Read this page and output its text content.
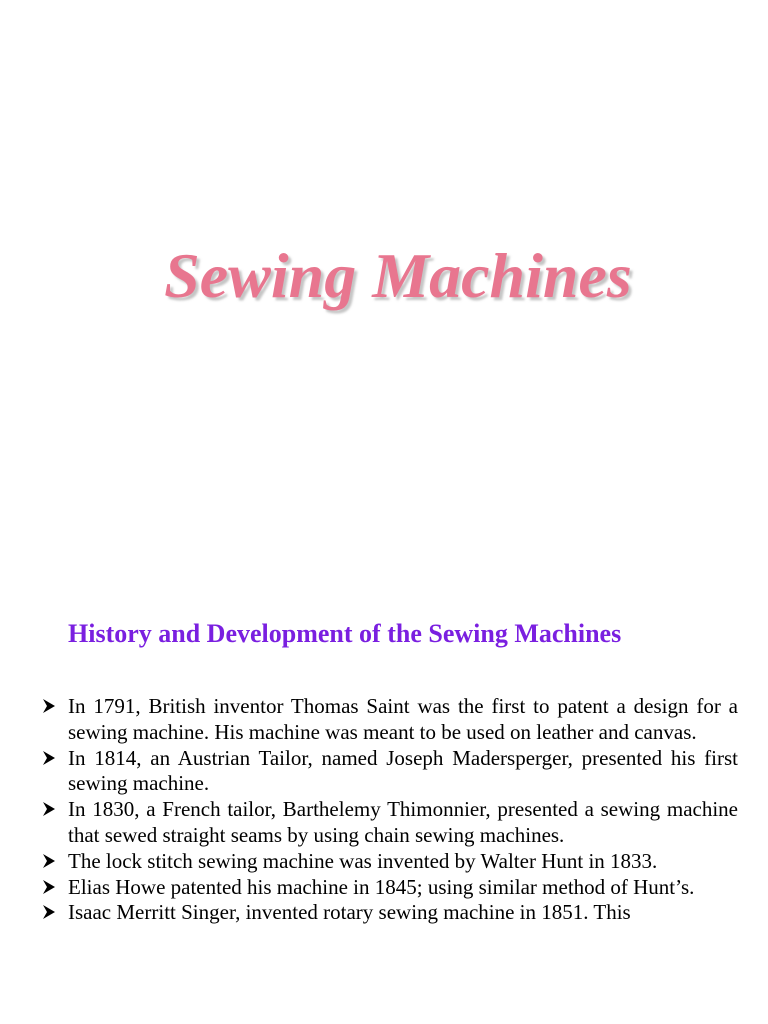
Sewing Machines
History and Development of the Sewing Machines
In 1791, British inventor Thomas Saint was the first to patent a design for a sewing machine. His machine was meant to be used on leather and canvas.
In 1814, an Austrian Tailor, named Joseph Madersperger, presented his first sewing machine.
In 1830, a French tailor, Barthelemy Thimonnier, presented a sewing machine that sewed straight seams by using chain sewing machines.
The lock stitch sewing machine was invented by Walter Hunt in 1833.
Elias Howe patented his machine in 1845; using similar method of Hunt’s.
Isaac Merritt Singer, invented rotary sewing machine in 1851. This
